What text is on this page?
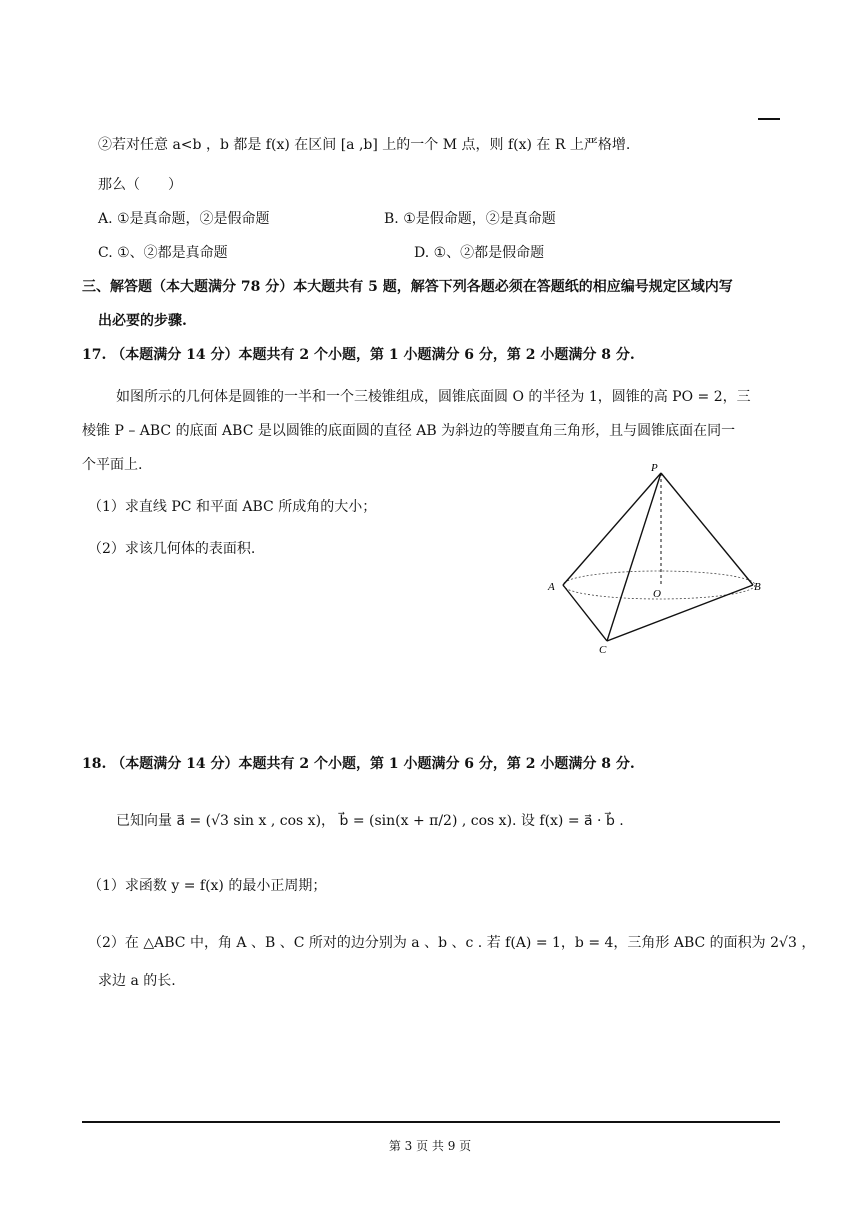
②若对任意 a<b ，b 都是 f(x) 在区间 [a ,b] 上的一个 M 点，则 f(x) 在 R 上严格增.
那么（　　）
A. ①是真命题，②是假命题	B. ①是假命题，②是真命题
C. ①、②都是真命题	D. ①、②都是假命题
三、解答题（本大题满分 78 分）本大题共有 5 题，解答下列各题必须在答题纸的相应编号规定区域内写
出必要的步骤.
17. （本题满分 14 分）本题共有 2 个小题，第 1 小题满分 6 分，第 2 小题满分 8 分.
如图所示的几何体是圆锥的一半和一个三棱锥组成，圆锥底面圆 O 的半径为 1，圆锥的高 PO = 2，三
棱锥 P – ABC 的底面 ABC 是以圆锥的底面圆的直径 AB 为斜边的等腰直角三角形，且与圆锥底面在同一
个平面上.
（1）求直线 PC 和平面 ABC 所成角的大小；
（2）求该几何体的表面积.
P
A
O
B
C
18. （本题满分 14 分）本题共有 2 个小题，第 1 小题满分 6 分，第 2 小题满分 8 分.
已知向量 a⃗ = (√3 sin x , cos x)， b⃗ = (sin(x + π/2) , cos x). 设 f(x) = a⃗ · b⃗ .
（1）求函数 y = f(x) 的最小正周期；
（2）在 △ABC 中，角 A 、B 、C 所对的边分别为 a 、b 、c . 若 f(A) = 1，b = 4，三角形 ABC 的面积为 2√3 ，
求边 a 的长.
第 3 页 共 9 页
